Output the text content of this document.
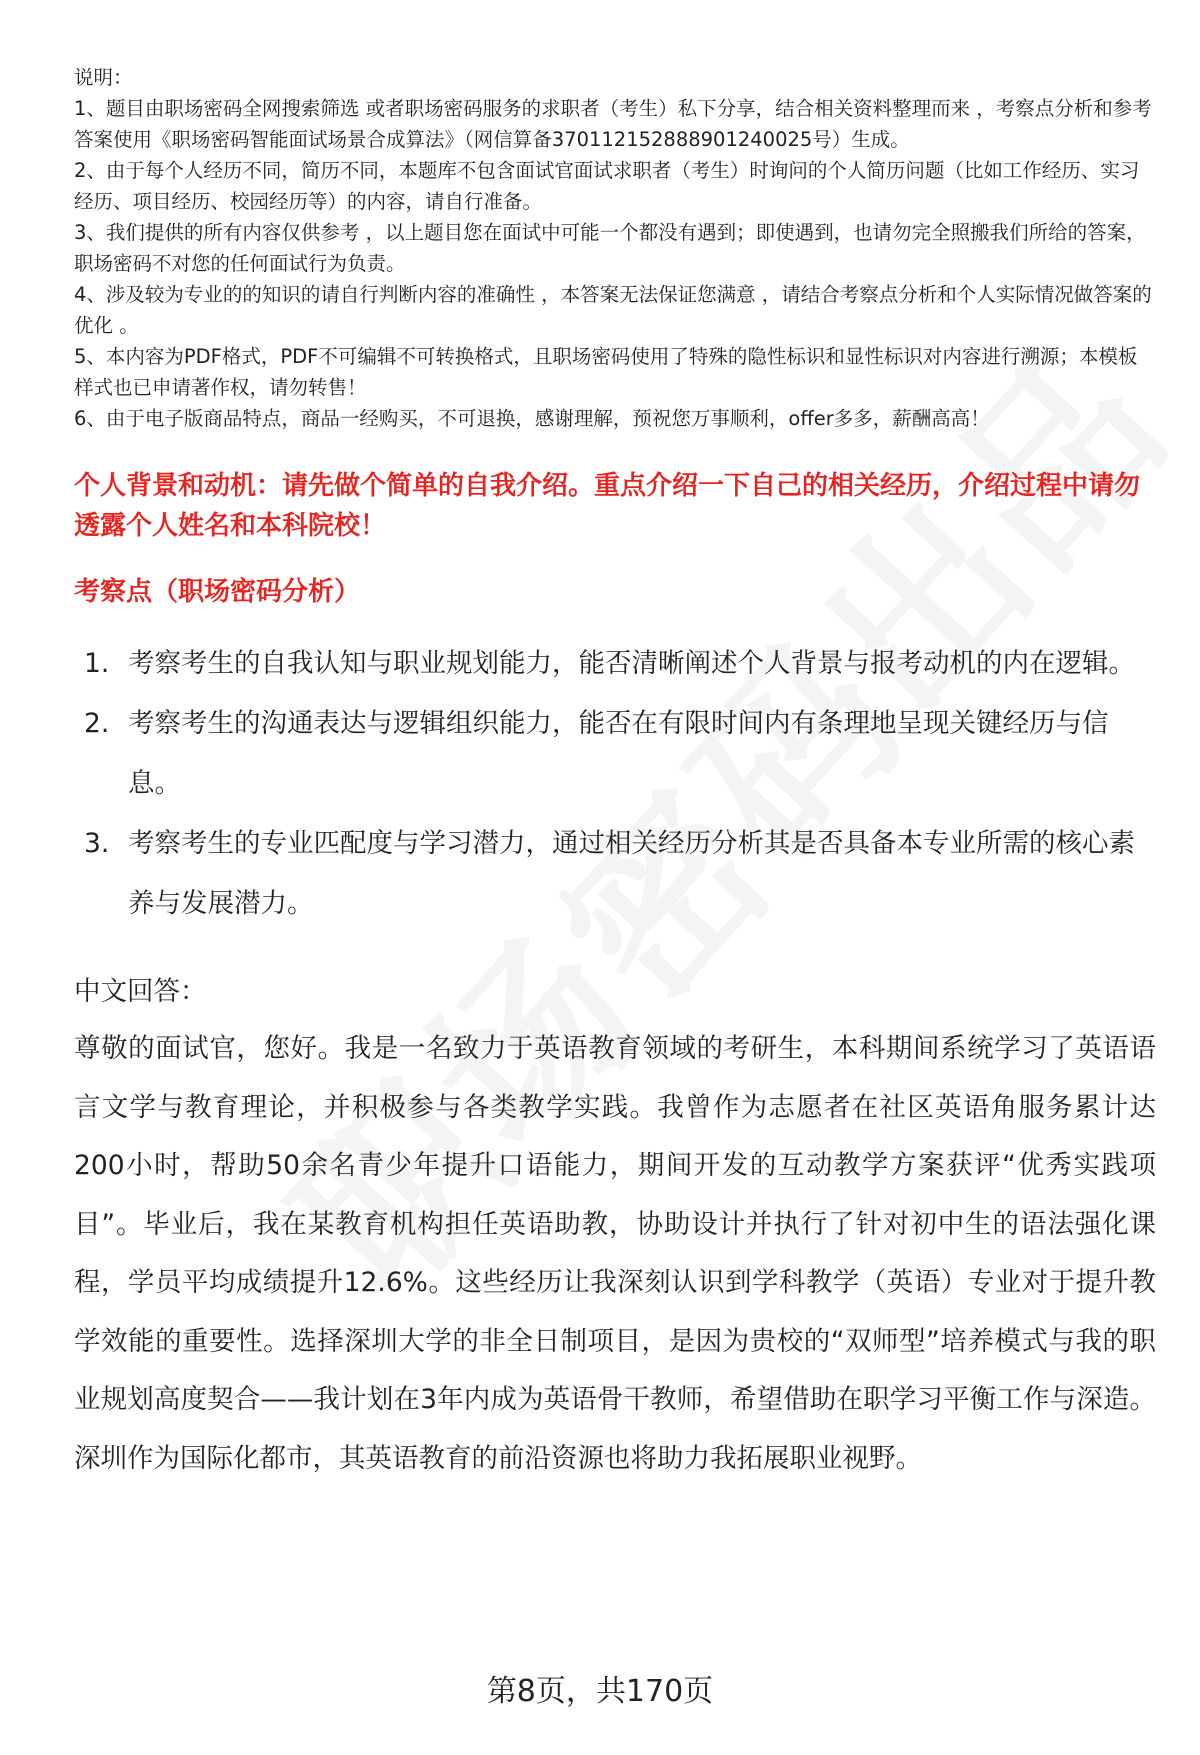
说明：

1、题目由职场密码全网搜索筛选 或者职场密码服务的求职者（考生）私下分享，结合相关资料整理而来 ，考察点分析和参考答案使用《职场密码智能面试场景合成算法》（网信算备370112152888901240025号）生成。

2、由于每个人经历不同，简历不同，本题库不包含面试官面试求职者（考生）时询问的个人简历问题（比如工作经历、实习经历、项目经历、校园经历等）的内容，请自行准备。

3、我们提供的所有内容仅供参考 ，以上题目您在面试中可能一个都没有遇到；即使遇到，也请勿完全照搬我们所给的答案，职场密码不对您的任何面试行为负责。

4、涉及较为专业的的知识的请自行判断内容的准确性 ，本答案无法保证您满意 ，请结合考察点分析和个人实际情况做答案的优化 。

5、本内容为PDF格式，PDF不可编辑不可转换格式，且职场密码使用了特殊的隐性标识和显性标识对内容进行溯源；本模板样式也已申请著作权，请勿转售！

6、由于电子版商品特点，商品一经购买，不可退换，感谢理解，预祝您万事顺利，offer多多，薪酬高高！

个人背景和动机：请先做个简单的自我介绍。重点介绍一下自己的相关经历，介绍过程中请勿透露个人姓名和本科院校！
考察点（职场密码分析）
1. 考察考生的自我认知与职业规划能力，能否清晰阐述个人背景与报考动机的内在逻辑。
2. 考察考生的沟通表达与逻辑组织能力，能否在有限时间内有条理地呈现关键经历与信息。
3. 考察考生的专业匹配度与学习潜力，通过相关经历分析其是否具备本专业所需的核心素养与发展潜力。
中文回答：
尊敬的面试官，您好。我是一名致力于英语教育领域的考研生，本科期间系统学习了英语语言文学与教育理论，并积极参与各类教学实践。我曾作为志愿者在社区英语角服务累计达200小时，帮助50余名青少年提升口语能力，期间开发的互动教学方案获评“优秀实践项目”。毕业后，我在某教育机构担任英语助教，协助设计并执行了针对初中生的语法强化课程，学员平均成绩提升12.6%。这些经历让我深刻认识到学科教学（英语）专业对于提升教学效能的重要性。选择深圳大学的非全日制项目，是因为贵校的“双师型”培养模式与我的职业规划高度契合——我计划在3年内成为英语骨干教师，希望借助在职学习平衡工作与深造。深圳作为国际化都市，其英语教育的前沿资源也将助力我拓展职业视野。
第8页，共170页
